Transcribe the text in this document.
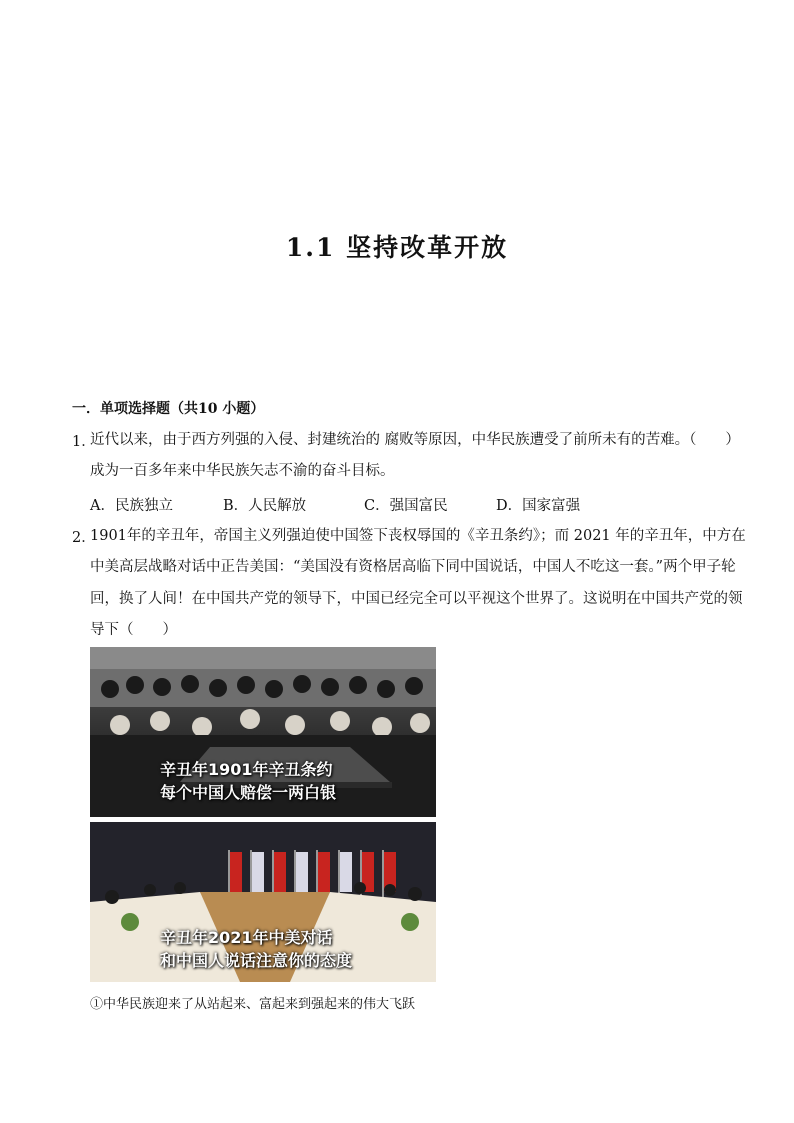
1.1 坚持改革开放
一．单项选择题（共10 小题）
1．
近代以来，由于西方列强的入侵、封建统治的 腐败等原因，中华民族遭受了前所未有的苦难。（　　）
成为一百多年来中华民族矢志不渝的奋斗目标。
A．民族独立	B．人民解放	C．强国富民	D．国家富强
2．
1901年的辛丑年，帝国主义列强迫使中国签下丧权辱国的《辛丑条约》；而 2021 年的辛丑年，中方在
中美高层战略对话中正告美国：“美国没有资格居高临下同中国说话，中国人不吃这一套。”两个甲子轮
回，换了人间！在中国共产党的领导下，中国已经完全可以平视这个世界了。这说明在中国共产党的领
导下（　　）
辛丑年1901年辛丑条约
每个中国人赔偿一两白银
辛丑年2021年中美对话
和中国人说话注意你的态度
①中华民族迎来了从站起来、富起来到强起来的伟大飞跃
